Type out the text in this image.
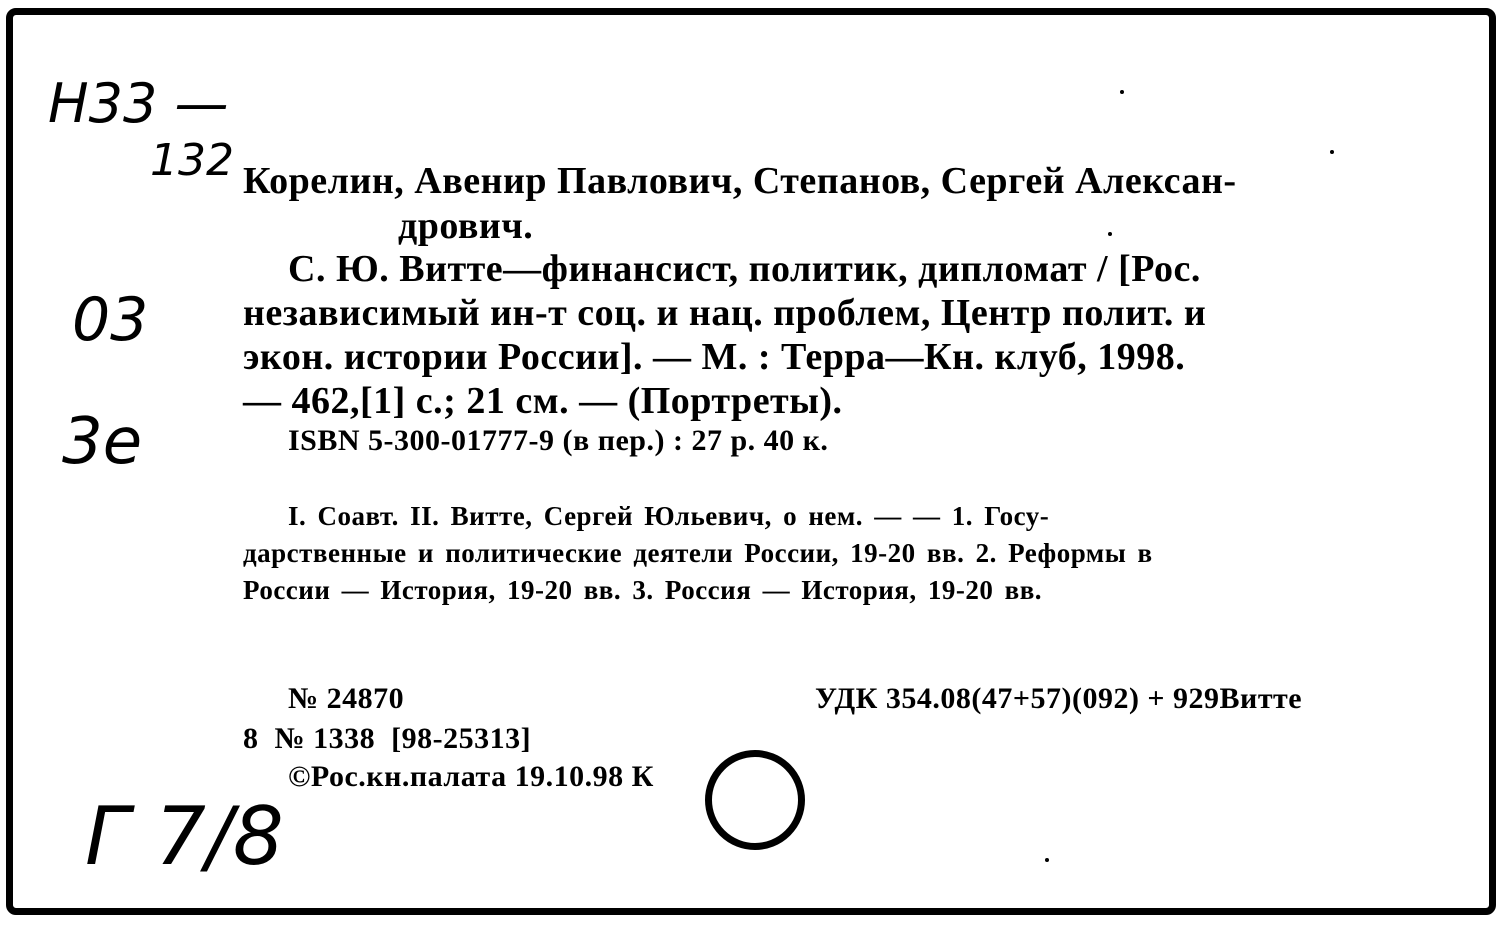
Н33 —
132
03
3е
Г 7/8
Корелин, Авенир Павлович, Степанов, Сергей Алексан-
дрович.
С. Ю. Витте—финансист, политик, дипломат / [Рос.
независимый ин-т соц. и нац. проблем, Центр полит. и
экон. истории России]. — М. : Терра—Кн. клуб, 1998.
— 462,[1] с.; 21 см. — (Портреты).
ISBN 5-300-01777-9 (в пер.) : 27 р. 40 к.
I. Соавт. II. Витте, Сергей Юльевич, о нем. — — 1. Госу-
дарственные и политические деятели России, 19-20 вв. 2. Реформы в
России — История, 19-20 вв. 3. Россия — История, 19-20 вв.
№ 24870	УДК 354.08(47+57)(092) + 929Витте
8  № 1338  [98-25313]
©Рос.кн.палата 19.10.98 К
